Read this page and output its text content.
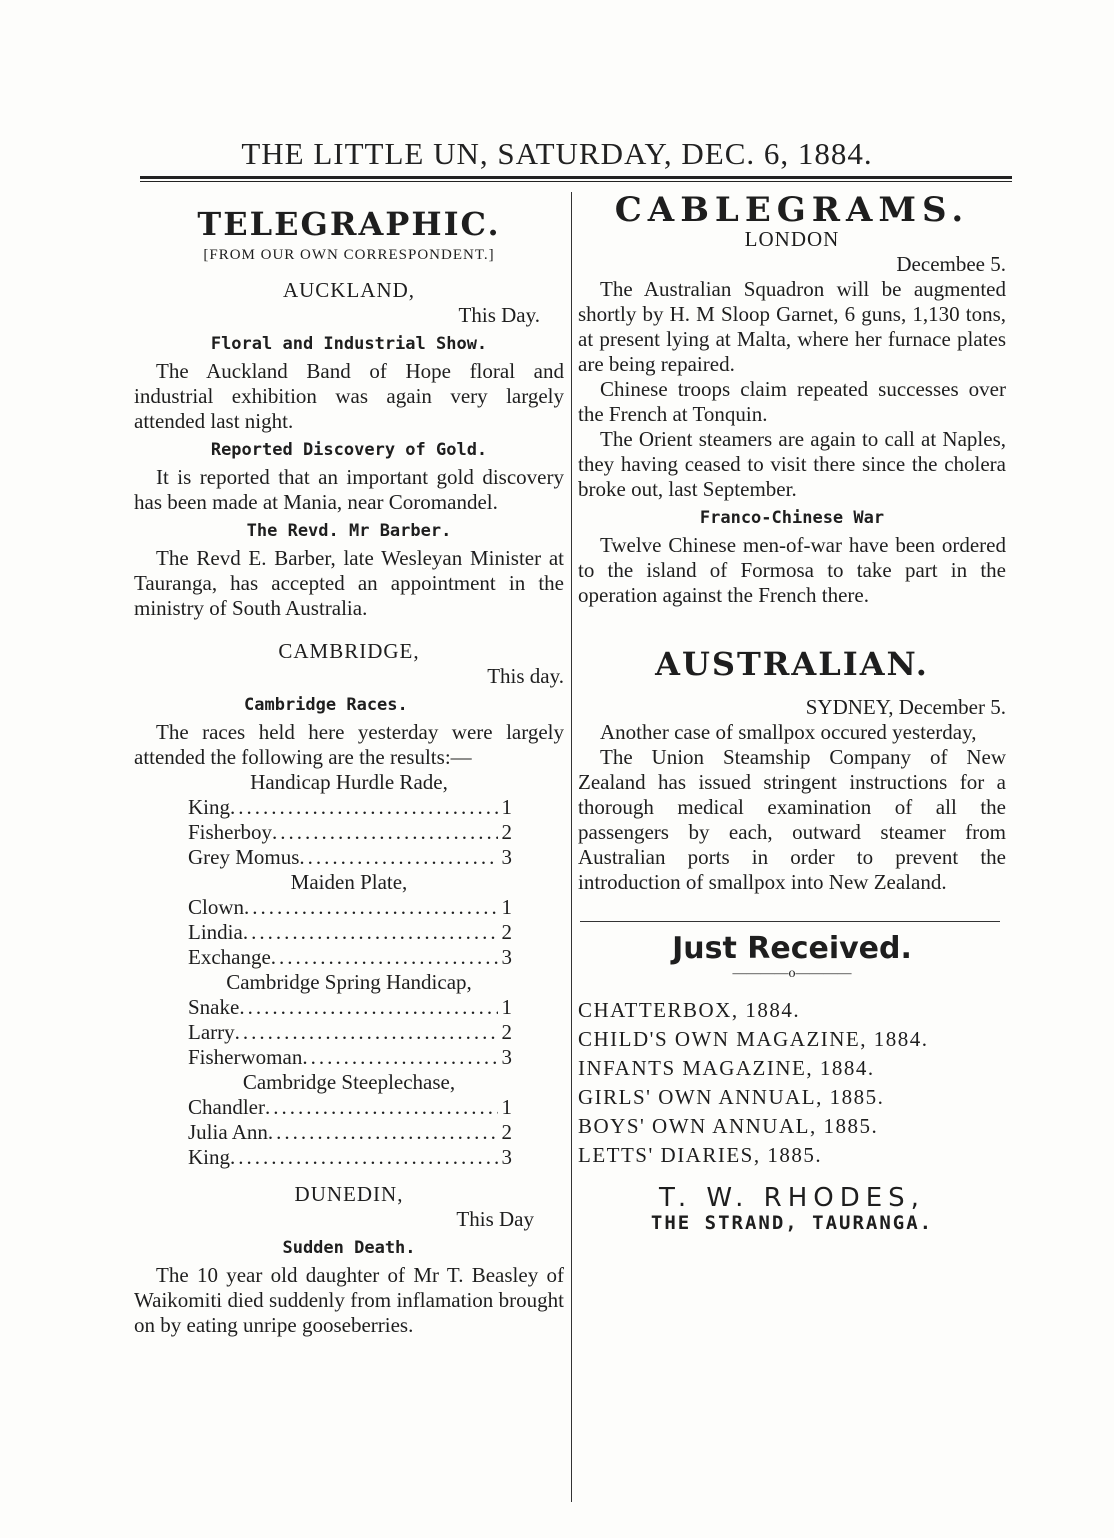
THE LITTLE UN, SATURDAY, DEC. 6, 1884.
TELEGRAPHIC.
[FROM OUR OWN CORRESPONDENT.]
AUCKLAND,
This Day.
Floral and Industrial Show.

The Auckland Band of Hope floral and industrial exhibition was again very largely attended last night.

Reported Discovery of Gold.

It is reported that an important gold discovery has been made at Mania, near Coromandel.

The Revd. Mr Barber.

The Revd E. Barber, late Wesleyan Minister at Tauranga, has accepted an appointment in the ministry of South Australia.

CAMBRIDGE,
This day.
Cambridge Races.

The races held here yesterday were largely attended the following are the results:—

Handicap Hurdle Rade,
King .....	1
Fisherboy .....	2
Grey Momus .....	3
Maiden Plate,
Clown .....	1
Lindia .....	2
Exchange .....	3
Cambridge Spring Handicap,
Snake .....	1
Larry .....	2
Fisherwoman .....	3
Cambridge Steeplechase,
Chandler .....	1
Julia Ann .....	2
King .....	3
DUNEDIN,
This Day
Sudden Death.

The 10 year old daughter of Mr T. Beasley of Waikomiti died suddenly from inflamation brought on by eating unripe gooseberries.

CABLEGRAMS.
LONDON
Decembee 5.

The Australian Squadron will be augmented shortly by H. M Sloop Garnet, 6 guns, 1,130 tons, at present lying at Malta, where her furnace plates are being repaired.

Chinese troops claim repeated successes over the French at Tonquin.

The Orient steamers are again to call at Naples, they having ceased to visit there since the cholera broke out, last September.

Franco-Chinese War

Twelve Chinese men-of-war have been ordered to the island of Formosa to take part in the operation against the French there.

AUSTRALIAN.
SYDNEY, December 5.

Another case of smallpox occured yesterday,

The Union Steamship Company of New Zealand has issued stringent instructions for a thorough medical examination of all the passengers by each, outward steamer from Australian ports in order to prevent the introduction of smallpox into New Zealand.

Just Received.
————o————
CHATTERBOX, 1884.
CHILD'S OWN MAGAZINE, 1884.
INFANTS MAGAZINE, 1884.
GIRLS' OWN ANNUAL, 1885.
BOYS' OWN ANNUAL, 1885.
LETTS' DIARIES, 1885.
T. W. RHODES,
THE STRAND, TAURANGA.
